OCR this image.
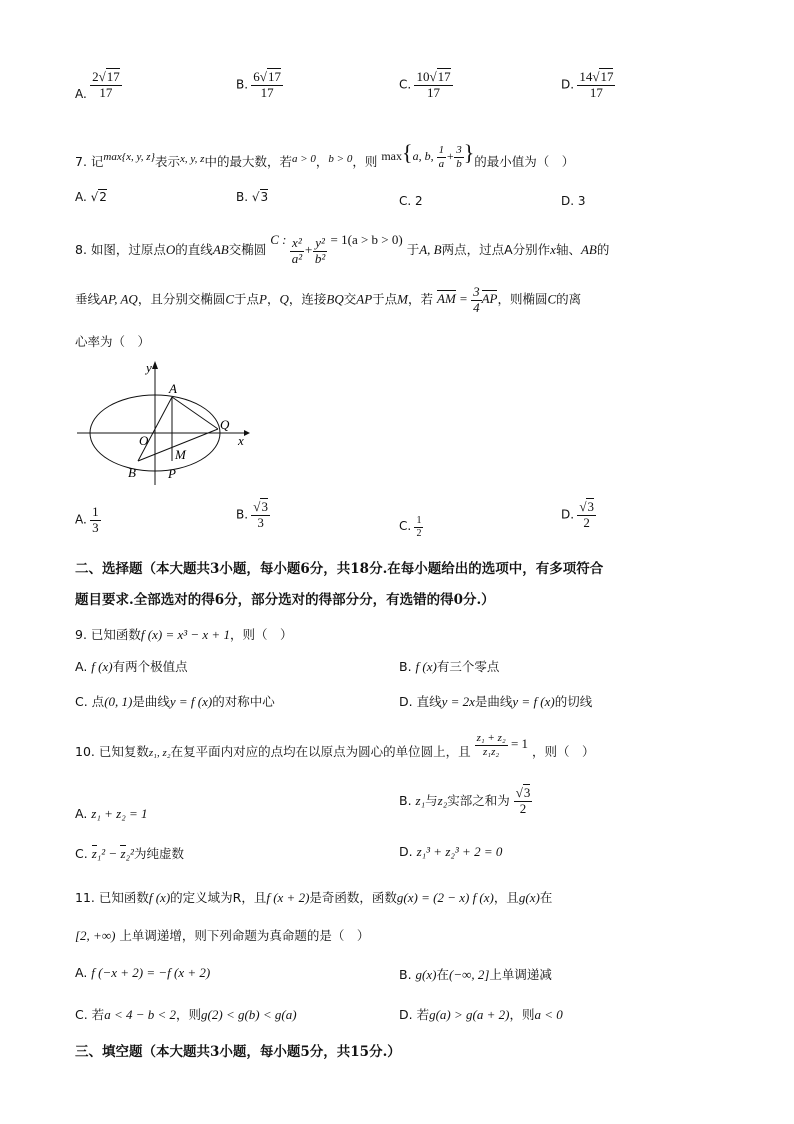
A. $\frac{2√17}{17}$	B. $\frac{6√17}{17}$	C. $\frac{10√17}{17}$	D. $\frac{14√17}{17}$
7. 记max{x, y, z}表示x, y, z中的最大数，若a > 0，b > 0，则 max{a, b, $\frac{1}{a} + \frac{3}{b}$ }的最小值为（　）
A. √2	B. √3	C. 2	D. 3
8. 如图，过原点O的直线AB交椭圆 C : $\frac{\text{x²}}{\text{a²}} + \frac{\text{y²}}{\text{b²}} = 1(a > b > 0)$ 于A, B两点，过点A分别作x轴、AB的
垂线AP, AQ，且分别交椭圆C于点P，Q，连接BQ交AP于点M，若 AM = $\frac{3}{4}$ AP，则椭圆C的离
心率为（　）
y
x
A
O
Q
M
B P
A. $\frac{1}{3}$	B. $\frac{√3}{3}$	C. $\frac{1}{2}$
D. $\frac{√3}{2}$
二、选择题（本大题共3小题，每小题6分，共18分.在每小题给出的选项中，有多项符合
题目要求.全部选对的得6分，部分选对的得部分分，有选错的得0分.）
9. 已知函数f (x) = x³ − x + 1，则（　）
A. f (x)有两个极值点	B. f (x)有三个零点
C. 点(0, 1)是曲线y = f (x)的对称中心	D. 直线y = 2x是曲线y = f (x)的切线
10. 已知复数z₁, z₂在复平面内对应的点均在以原点为圆心的单位圆上，且 $\frac{\text{z₁ + z₂}}{\text{z₁z₂}} = 1$ ，则（　）
A. z₁ + z₂ = 1
B. z₁与z₂实部之和为 $\frac{√3}{2}$
C. z₁² − z₂²为纯虚数	D. z₁³ + z₂³ + 2 = 0
11. 已知函数f (x)的定义域为R，且f (x + 2)是奇函数，函数g(x) = (2 − x) f (x)，且g(x)在
[2, +∞) 上单调递增，则下列命题为真命题的是（　）
A. f (−x + 2) = −f (x + 2)	B. g(x)在(−∞, 2]上单调递减
C. 若a < 4 − b < 2，则g(2) < g(b) < g(a)	D. 若g(a) > g(a + 2)，则a < 0
三、填空题（本大题共3小题，每小题5分，共15分.）
